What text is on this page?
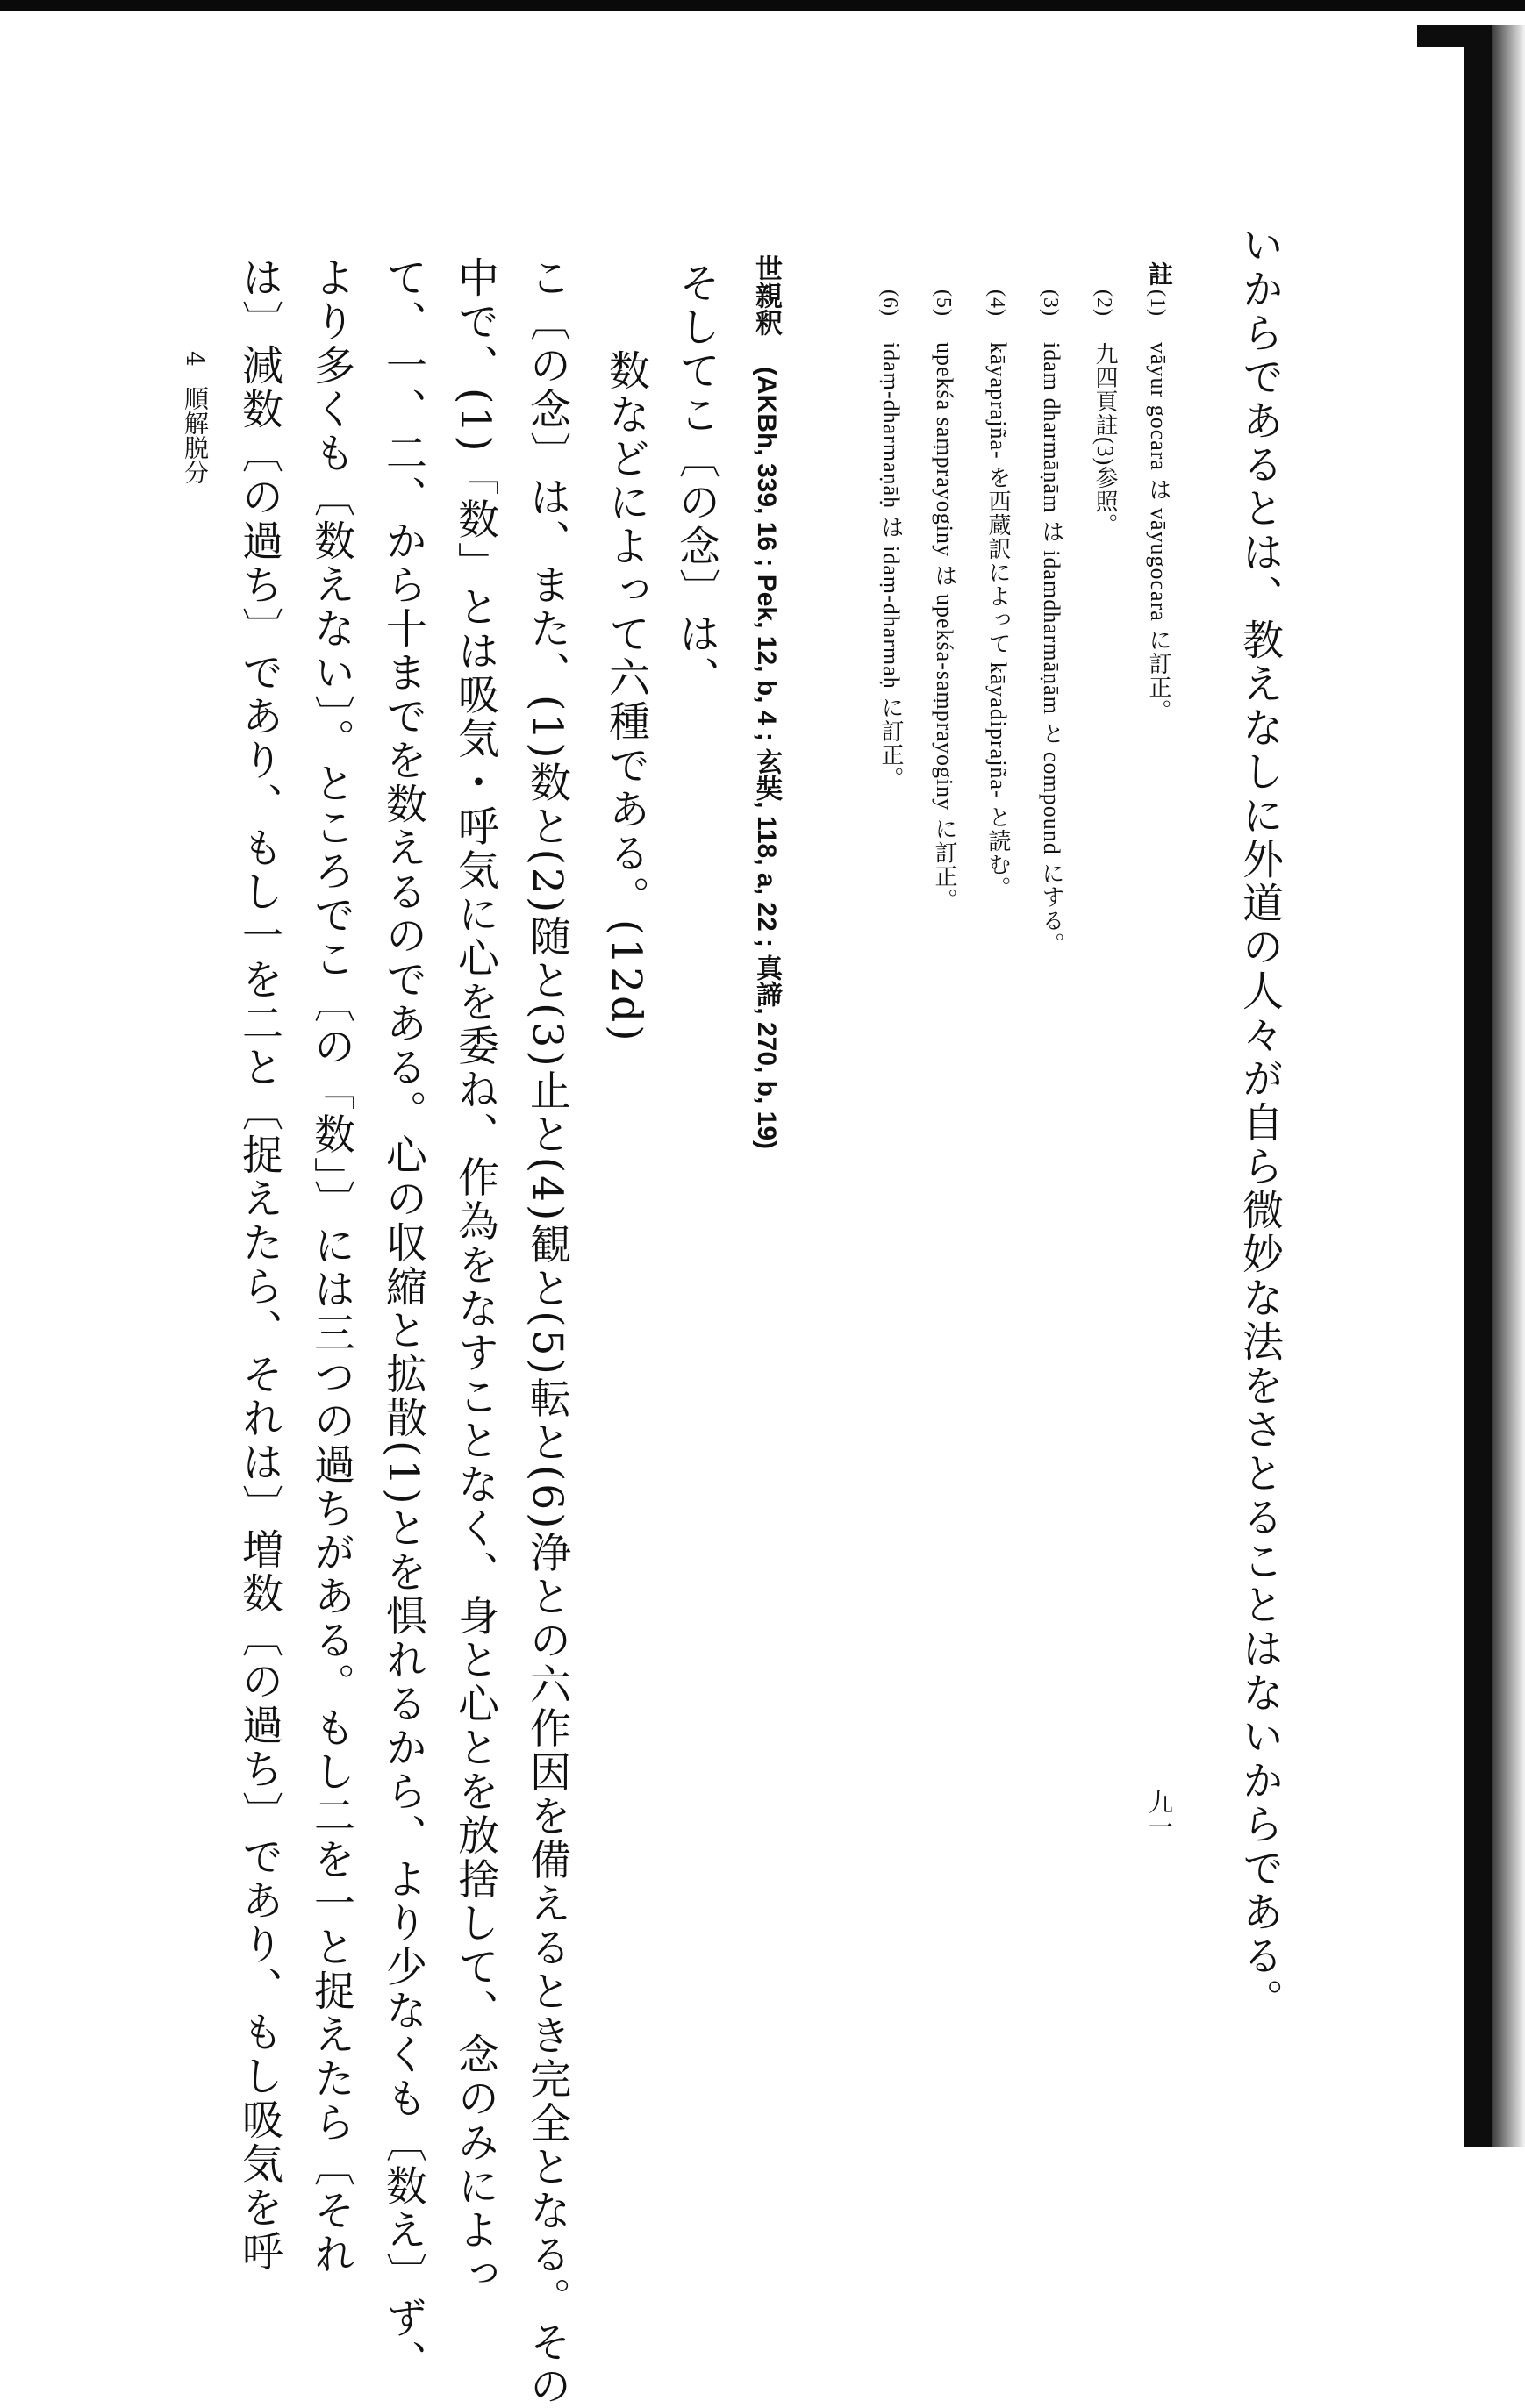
いからであるとは、教えなしに外道の人々が自ら微妙な法をさとることはないからである。
註
(1)
vāyur gocara は vāyugocara に訂正。
(2)
九四頁註(3)参照。
(3)
idam dharmāṇām は idamdharmāṇām と compound にする。
(4)
kāyaprajña- を西蔵訳によって kāyadiprajña- と読む。
(5)
upekśa saṃprayoginy は upekśa-saṃprayoginy に訂正。
(6)
idaṃ-dharmaṇāḥ は idaṃ-dharmaḥ に訂正。
世親釈
(AKBh, 339, 16 ; Pek, 12, b, 4 ; 玄奘, 118, a, 22 ; 真諦, 270, b, 19)
そしてこ〔の念〕は、
数などによって六種である。(12d)
こ〔の念〕は、また、(1)数と(2)随と(3)止と(4)観と(5)転と(6)浄との六作因を備えるとき完全となる。その
中で、(1)「数」とは吸気・呼気に心を委ね、作為をなすことなく、身と心とを放捨して、念のみによっ
て、一、二、から十までを数えるのである。心の収縮と拡散(1)とを惧れるから、より少なくも〔数え〕ず、
より多くも〔数えない〕。ところでこ〔の「数」〕には三つの過ちがある。もし二を一と捉えたら〔それ
は〕減数〔の過ち〕であり、もし一を二と〔捉えたら、それは〕増数〔の過ち〕であり、もし吸気を呼	九一
4
順解脱分
